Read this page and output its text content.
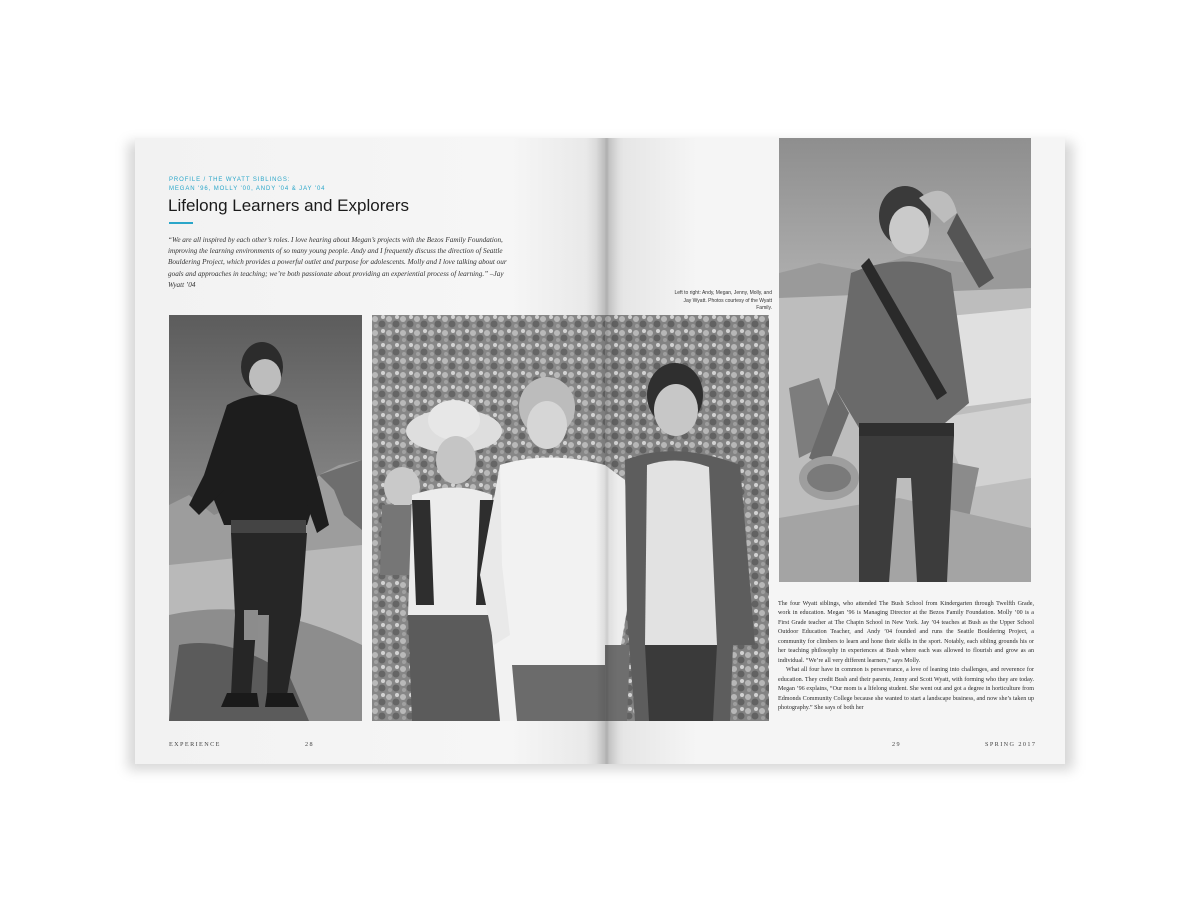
PROFILE / THE WYATT SIBLINGS:
MEGAN '96, MOLLY '00, ANDY '04 & JAY '04
Lifelong Learners and Explorers
“We are all inspired by each other’s roles. I love hearing about Megan’s projects with the Bezos Family Foundation, improving the learning environments of so many young people. Andy and I frequently discuss the direction of Seattle Bouldering Project, which provides a powerful outlet and purpose for adolescents. Molly and I love talking about our goals and approaches in teaching; we’re both passionate about providing an experiential process of learning.” –Jay Wyatt ’04
EXPERIENCE	28
Left to right: Andy, Megan, Jenny, Molly, and Jay Wyatt. Photos courtesy of the Wyatt Family.

The four Wyatt siblings, who attended The Bush School from Kindergarten through Twelfth Grade, work in education. Megan ’96 is Managing Director at the Bezos Family Foundation. Molly ’00 is a First Grade teacher at The Chapin School in New York. Jay ’04 teaches at Bush as the Upper School Outdoor Education Teacher, and Andy ’04 founded and runs the Seattle Bouldering Project, a community for climbers to learn and hone their skills in the sport. Notably, each sibling grounds his or her teaching philosophy in experiences at Bush where each was allowed to flourish and grow as an individual. “We’re all very different learners,” says Molly.

What all four have in common is perseverance, a love of leaning into challenges, and reverence for education. They credit Bush and their parents, Jenny and Scott Wyatt, with forming who they are today. Megan ’96 explains, “Our mom is a lifelong student. She went out and got a degree in horticulture from Edmonds Community College because she wanted to start a landscape business, and now she’s taken up photography.” She says of both her

29	SPRING 2017
